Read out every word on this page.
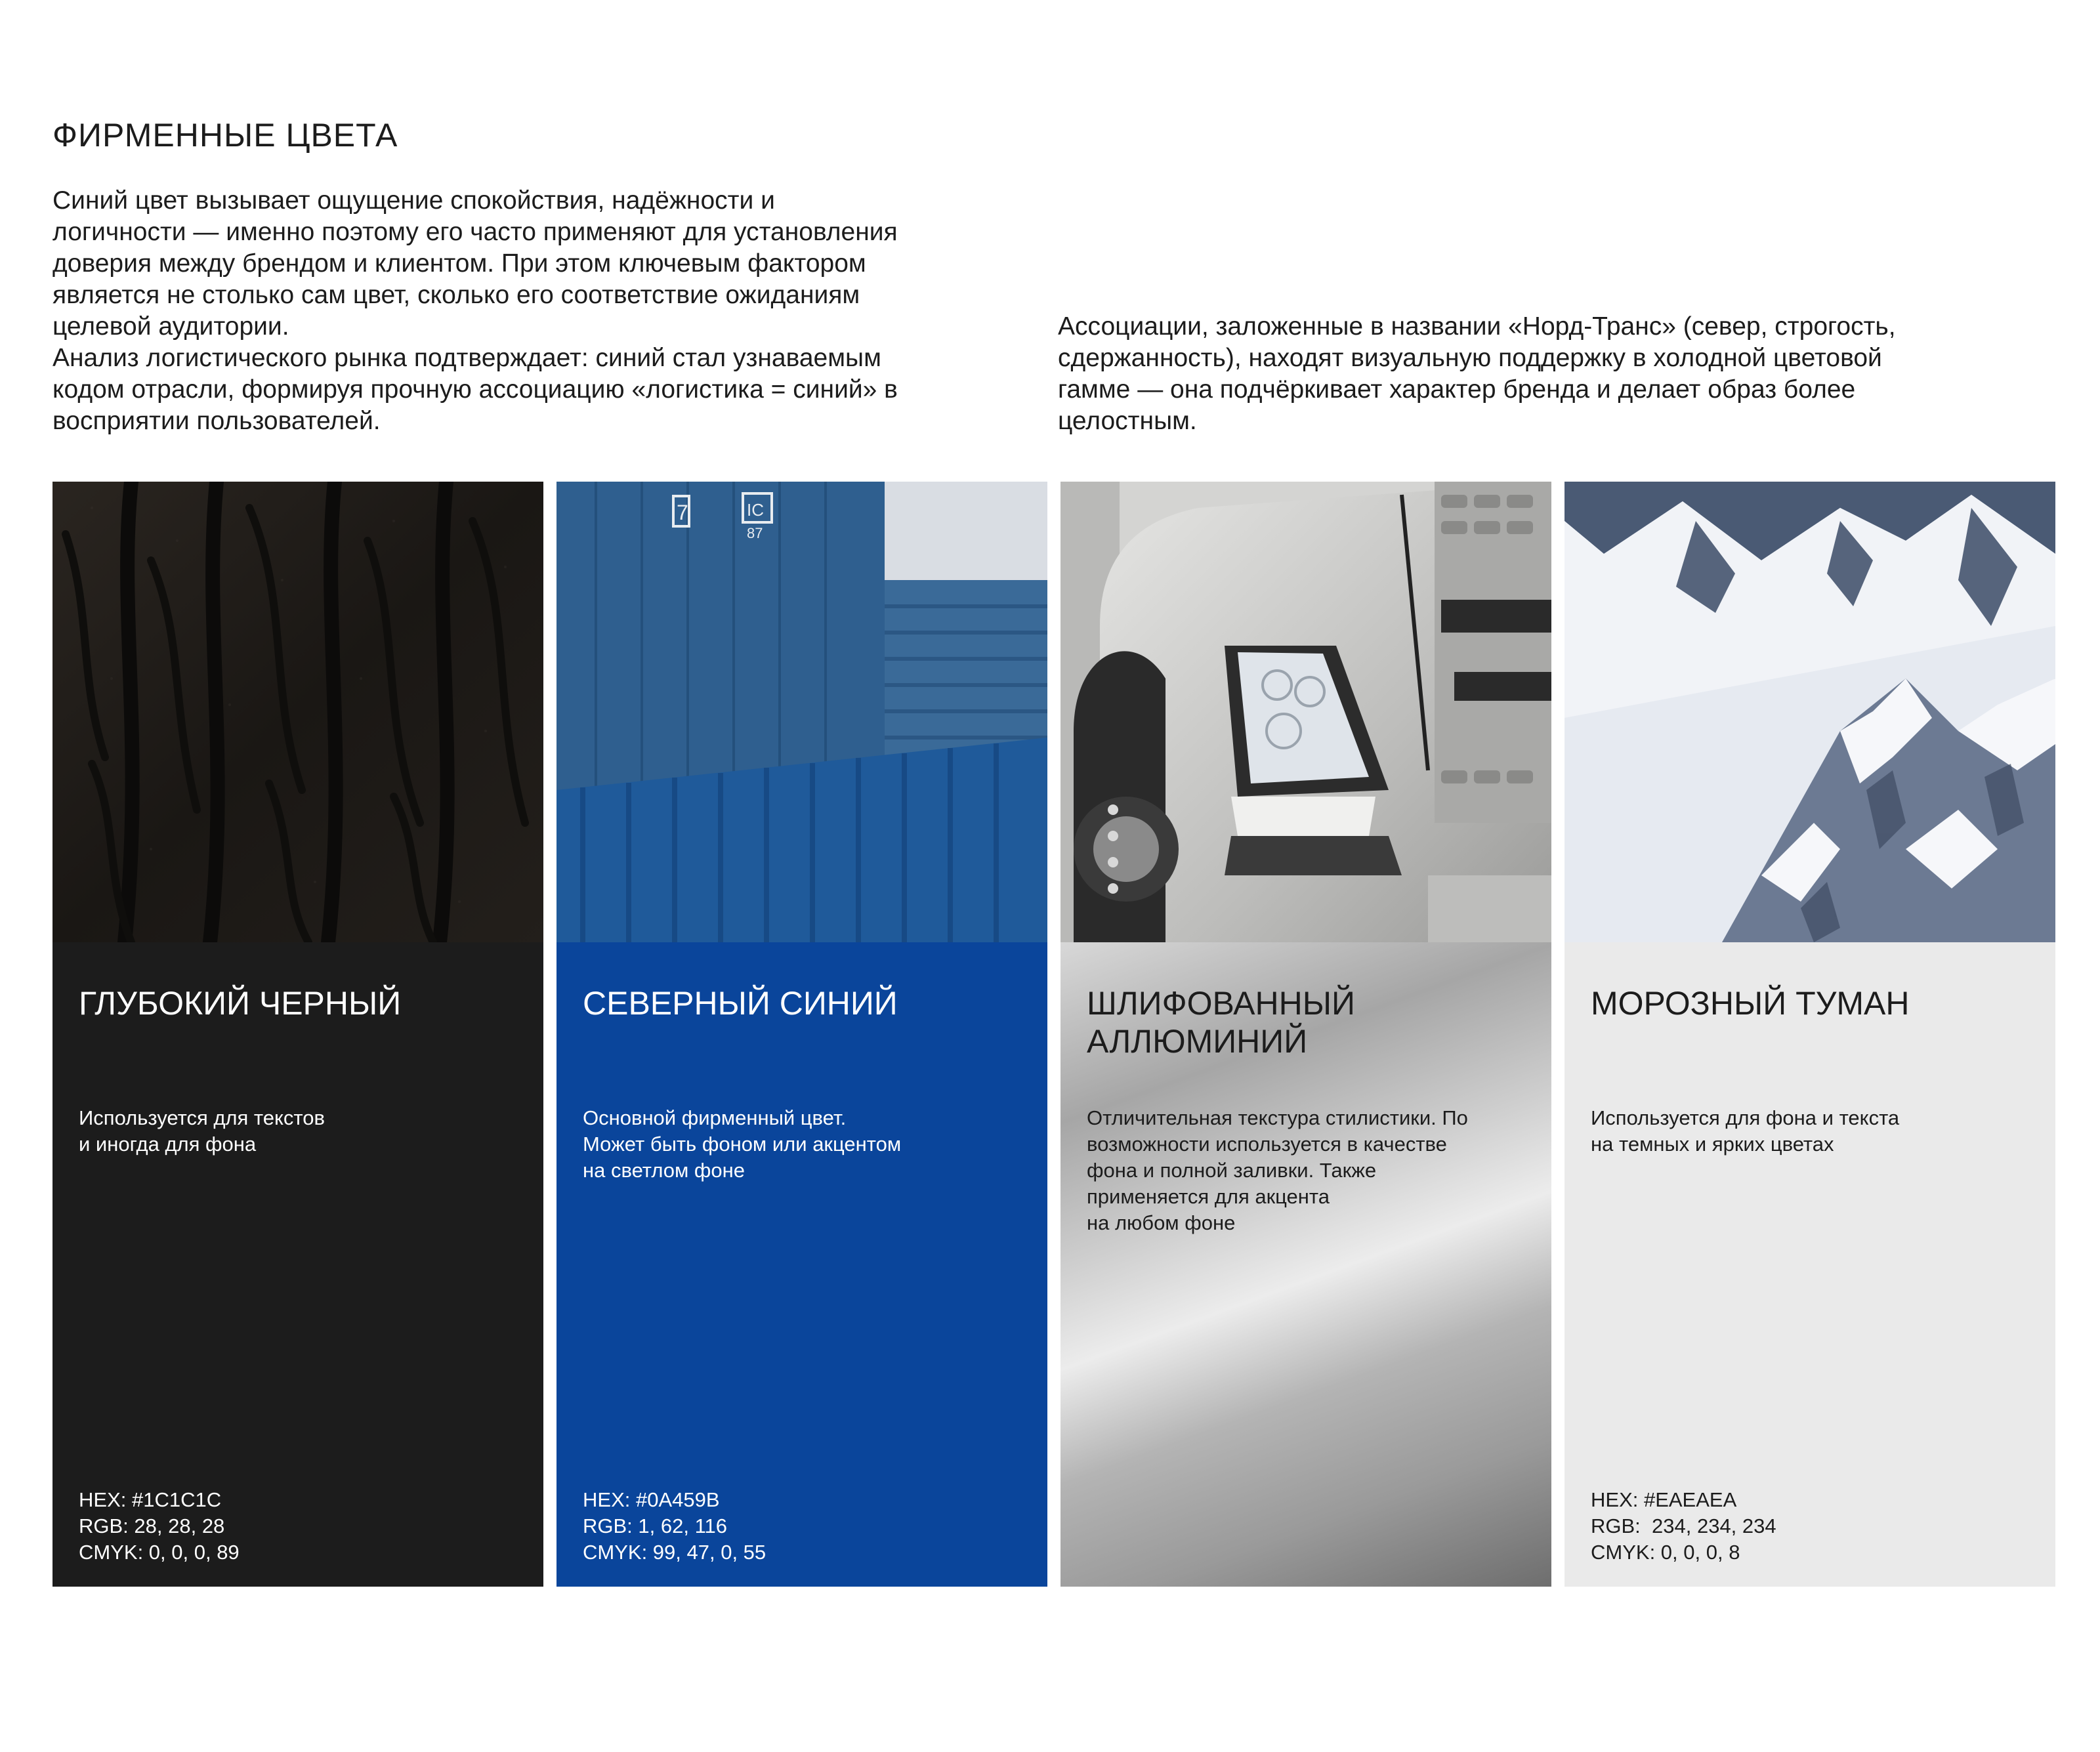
ФИРМЕННЫЕ ЦВЕТА
Синий цвет вызывает ощущение спокойствия, надёжности и
логичности — именно поэтому его часто применяют для установления
доверия между брендом и клиентом. При этом ключевым фактором
является не столько сам цвет, сколько его соответствие ожиданиям
целевой аудитории.
Анализ логистического рынка подтверждает: синий стал узнаваемым
кодом отрасли, формируя прочную ассоциацию «логистика = синий» в
восприятии пользователей.
Ассоциации, заложенные в названии «Норд-Транс» (север, строгость, сдержанность), находят визуальную поддержку в холодной цветовой гамме — она подчёркивает характер бренда и делает образ более целостным.
ГЛУБОКИЙ ЧЕРНЫЙ
Используется для текстов
и иногда для фона
HEX: #1C1C1C
RGB: 28, 28, 28
CMYK: 0, 0, 0, 89
7	IC
87
СЕВЕРНЫЙ СИНИЙ
Основной фирменный цвет.
Может быть фоном или акцентом
на светлом фоне
HEX: #0A459B
RGB: 1, 62, 116
CMYK: 99, 47, 0, 55
ШЛИФОВАННЫЙ
АЛЛЮМИНИЙ
Отличительная текстура стилистики. По
возможности используется в качестве
фона и полной заливки. Также
применяется для акцента
на любом фоне
МОРОЗНЫЙ ТУМАН
Используется для фона и текста
на темных и ярких цветах
HEX: #EAEAEA
RGB:  234, 234, 234
CMYK: 0, 0, 0, 8
